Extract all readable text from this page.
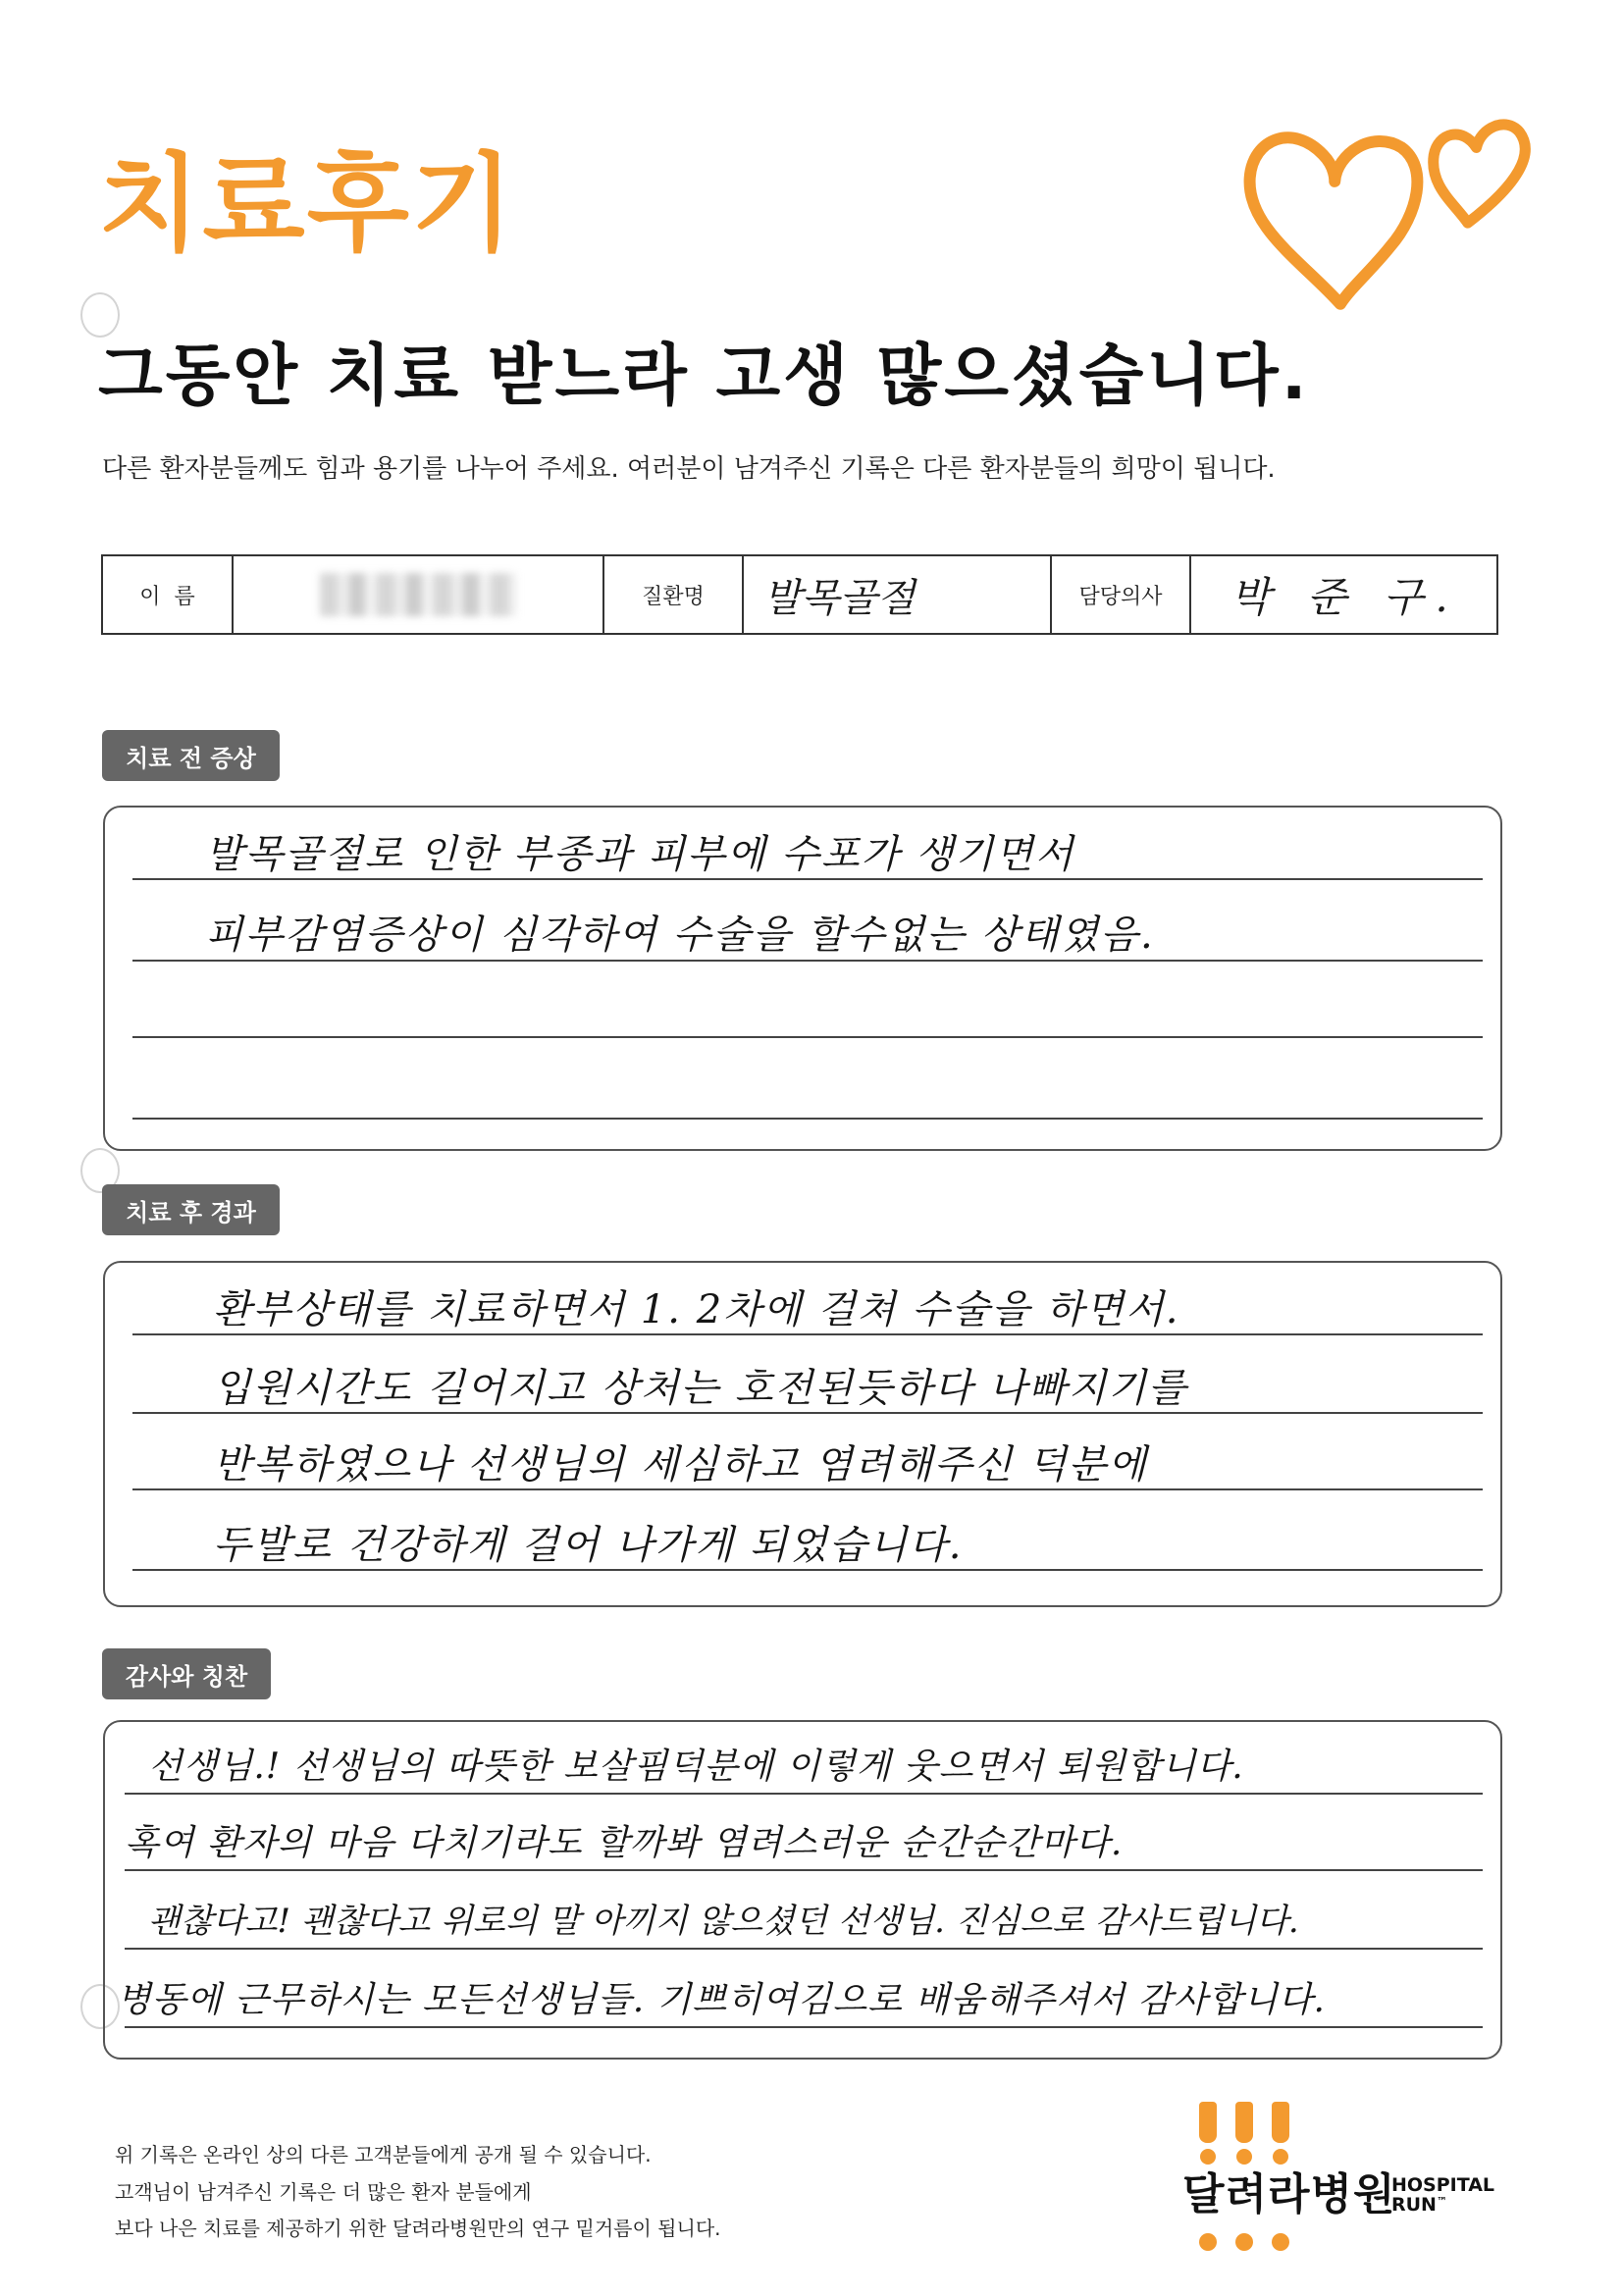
치료후기
그동안 치료 받느라 고생 많으셨습니다.
다른 환자분들께도 힘과 용기를 나누어 주세요. 여러분이 남겨주신 기록은 다른 환자분들의 희망이 됩니다.
이  름	질환명 발목골절	담당의사 박 준 구.
치료 전 증상
발목골절로 인한 부종과 피부에 수포가 생기면서
피부감염증상이 심각하여 수술을 할수없는 상태였음.
치료 후 경과
환부상태를 치료하면서 1. 2차에 걸쳐 수술을 하면서.
입원시간도 길어지고 상처는 호전된듯하다 나빠지기를
반복하였으나 선생님의 세심하고 염려해주신 덕분에
두발로 건강하게 걸어 나가게 되었습니다.
감사와 칭찬
선생님.! 선생님의 따뜻한 보살핌덕분에 이렇게 웃으면서 퇴원합니다.
혹여 환자의 마음 다치기라도 할까봐 염려스러운 순간순간마다.
괜찮다고! 괜찮다고 위로의 말 아끼지 않으셨던 선생님. 진심으로 감사드립니다.
병동에 근무하시는 모든선생님들. 기쁘히여김으로 배움해주셔서 감사합니다.
위 기록은 온라인 상의 다른 고객분들에게 공개 될 수 있습니다.
고객님이 남겨주신 기록은 더 많은 환자 분들에게
보다 나은 치료를 제공하기 위한 달려라병원만의 연구 밑거름이 됩니다.

달려라병원
HOSPITAL
RUN™
